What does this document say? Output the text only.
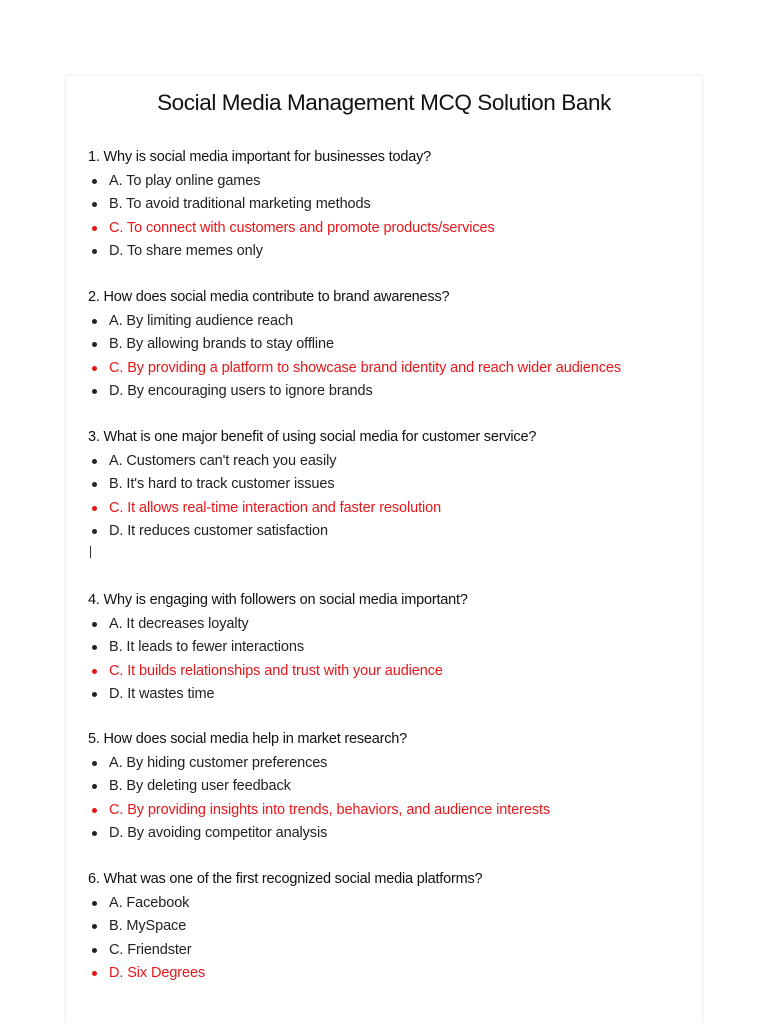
Social Media Management MCQ Solution Bank
1. Why is social media important for businesses today?
A. To play online games
B. To avoid traditional marketing methods
C. To connect with customers and promote products/services
D. To share memes only
2. How does social media contribute to brand awareness?
A. By limiting audience reach
B. By allowing brands to stay offline
C. By providing a platform to showcase brand identity and reach wider audiences
D. By encouraging users to ignore brands
3. What is one major benefit of using social media for customer service?
A. Customers can't reach you easily
B. It's hard to track customer issues
C. It allows real-time interaction and faster resolution
D. It reduces customer satisfaction
4. Why is engaging with followers on social media important?
A. It decreases loyalty
B. It leads to fewer interactions
C. It builds relationships and trust with your audience
D. It wastes time
5. How does social media help in market research?
A. By hiding customer preferences
B. By deleting user feedback
C. By providing insights into trends, behaviors, and audience interests
D. By avoiding competitor analysis
6. What was one of the first recognized social media platforms?
A. Facebook
B. MySpace
C. Friendster
D. Six Degrees
